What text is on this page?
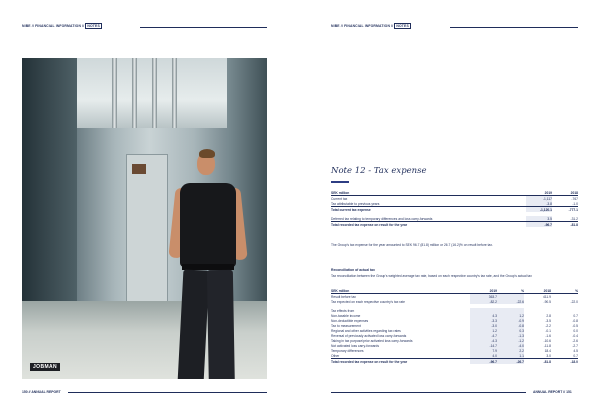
NIBE // FINANCIAL INFORMATION // NOTES	NIBE // FINANCIAL INFORMATION // NOTES
JOBMAN
Note 12 - Tax expense
SEK million	2019	2018
Current tax	-1,117	-767
Tax attributable to previous years	-3.8	-1.0
Total current tax expense	-1,120.1	-777.1

Deferred tax relating to temporary differences and loss carry-forwards	3.5	-31.2
Total recorded tax expense on result for the year	-96.7	-81.8
The Group's tax expense for the year amounted to SEK 96.7 (81.8) million or 26.7 (16.2)% on result before tax.
Reconciliation of actual tax
Tax reconciliation between the Group's weighted average tax rate, based on each respective country's tax rate, and the Group's actual tax
SEK million	2019	%	2018	%
Result before tax	363.7		411.9	
Tax expected on each respective country's tax rate	-82.2	-22.6	-90.5	-22.0

Tax effects from				
Non-taxable income	4.3	1.2	2.8	0.7
Non-deductible expenses	-3.3	-0.9	-3.5	-0.8
Tax to measurement	-3.0	-0.8	-2.2	-0.5
Regional and other activities regarding tax rates	1.2	0.3	-0.1	0.0
Reversal of previously activated loss carry-forwards	-4.7	-1.3	-1.6	-0.4
Taking in tax purpose/prior activated loss carry-forwards	-4.3	-1.2	-10.6	-2.6
Not activated loss carry-forwards	-14.7	-4.0	-11.8	-2.7
Temporary differences	7.9	2.2	18.4	4.5
Other	4.0	1.1	3.0	0.7
Total recorded tax expense on result for the year	-96.7	-26.7	-81.8	-18.0
150 // ANNUAL REPORT	ANNUAL REPORT // 151
